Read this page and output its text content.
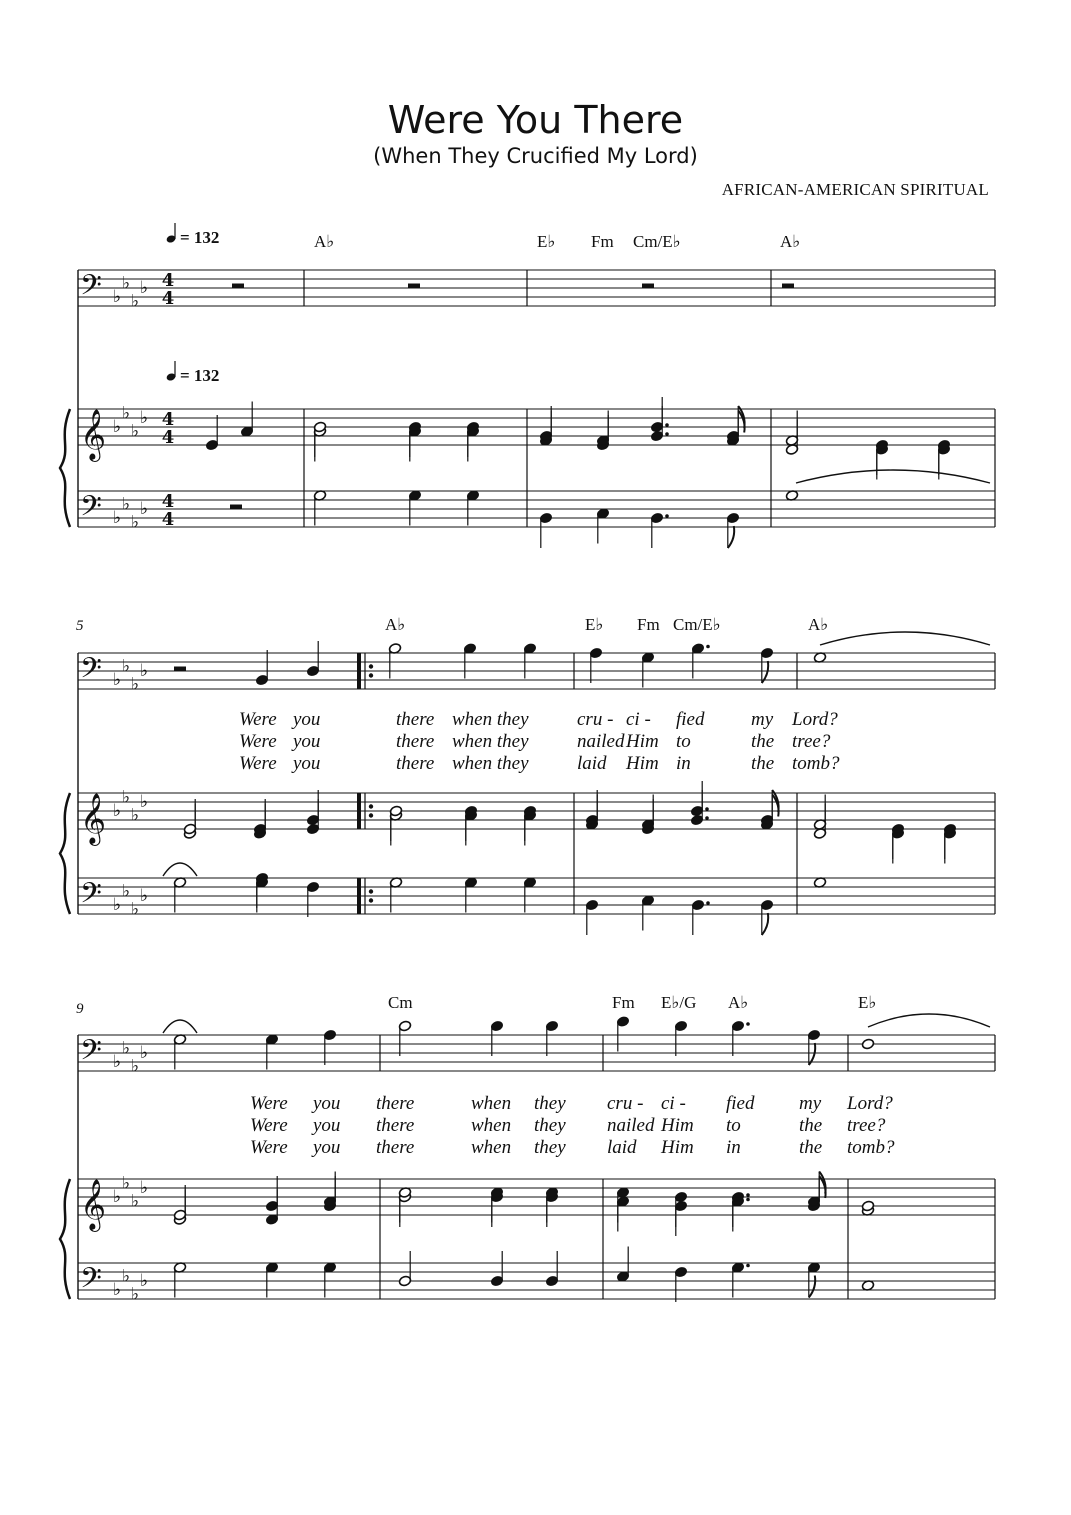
Were You There
(When They Crucified My Lord)
AFRICAN-AMERICAN SPIRITUAL
𝄢
𝄞
𝄢
♭
♭
♭
♭
♭
♭
♭
♭
♭
♭
♭
♭
4
4
4
4
4
4
= 132
= 132
A♭	E♭ Fm Cm/E♭	A♭
𝄢
𝄞
𝄢
♭
♭
♭
♭
♭
♭
♭
♭
♭
♭
♭
♭
5	A♭	E♭ Fm Cm/E♭	A♭
Were you	there when they	cru - ci - fied my Lord?
Were you	there when they	nailed Him to	the tree?
Were you	there when they	laid Him in	the tomb?
𝄢
𝄞
𝄢
♭
♭
♭
♭
♭
♭
♭
♭
♭
♭
♭
♭
9	Cm	Fm E♭/G A♭	E♭
Were you there	when they cru - ci - fied my Lord?
Were you there	when they nailed Him to	the tree?
Were you there	when they laid Him in	the tomb?
